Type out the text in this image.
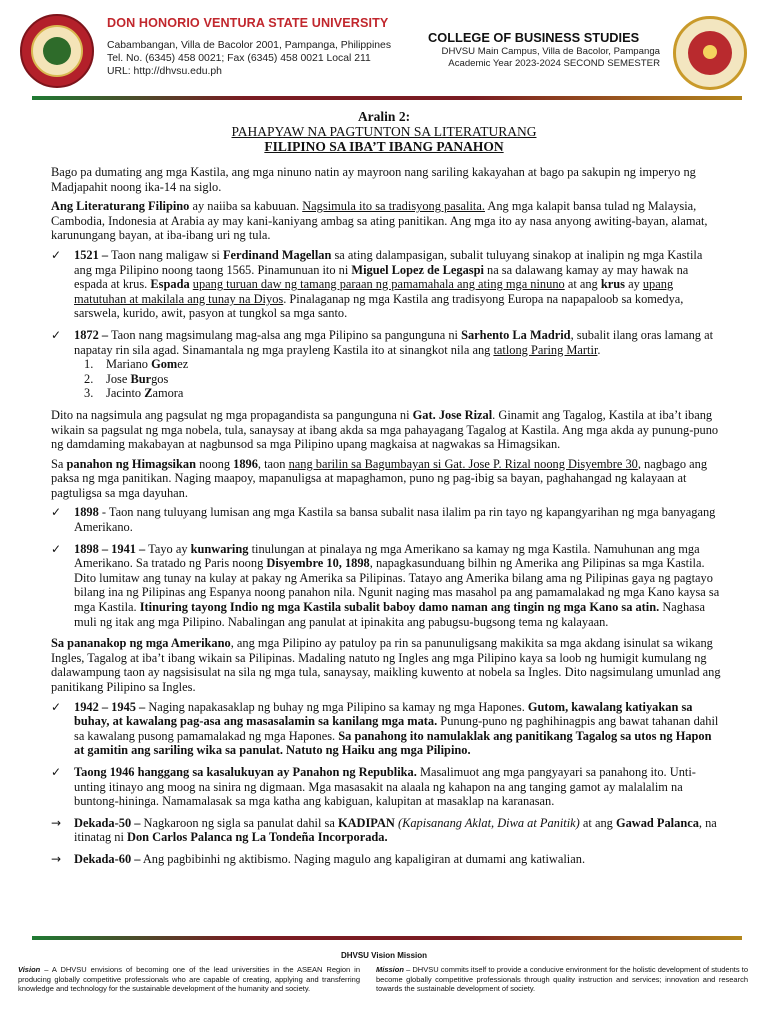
DON HONORIO VENTURA STATE UNIVERSITY
Cabambangan, Villa de Bacolor 2001, Pampanga, Philippines
Tel. No. (6345) 458 0021; Fax (6345) 458 0021 Local 211
URL: http://dhvsu.edu.ph
COLLEGE OF BUSINESS STUDIES
DHVSU Main Campus, Villa de Bacolor, Pampanga
Academic Year 2023-2024 SECOND SEMESTER
Aralin 2:
PAHAPYAW NA PAGTUNTON SA LITERATURANG
FILIPINO SA IBA’T IBANG PANAHON

Bago pa dumating ang mga Kastila, ang mga ninuno natin ay mayroon nang sariling kakayahan at bago pa sakupin ng imperyo ng Madjapahit noong ika-14 na siglo.

Ang Literaturang Filipino ay naiiba sa kabuuan. Nagsimula ito sa tradisyong pasalita. Ang mga kalapit bansa tulad ng Malaysia, Cambodia, Indonesia at Arabia ay may kani-kaniyang ambag sa ating panitikan. Ang mga ito ay nasa anyong awiting-bayan, alamat, karunungang bayan, at iba-ibang uri ng tula.

✓	1521 – Taon nang maligaw si Ferdinand Magellan sa ating dalampasigan, subalit tuluyang sinakop at inalipin ng mga Kastila ang mga Pilipino noong taong 1565. Pinamunuan ito ni Miguel Lopez de Legaspi na sa dalawang kamay ay may hawak na espada at krus. Espada upang turuan daw ng tamang paraan ng pamamahala ang ating mga ninuno at ang krus ay upang matutuhan at makilala ang tunay na Diyos. Pinalaganap ng mga Kastila ang tradisyong Europa na napapaloob sa komedya, sarswela, kurido, awit, pasyon at tungkol sa mga santo.
✓	1872 – Taon nang magsimulang mag-alsa ang mga Pilipino sa pangunguna ni Sarhento La Madrid, subalit ilang oras lamang at napatay rin sila agad. Sinamantala ng mga prayleng Kastila ito at sinangkot nila ang tatlong Paring Martir.
1. Mariano Gomez
2. Jose Burgos
3. Jacinto Zamora

Dito na nagsimula ang pagsulat ng mga propagandista sa pangunguna ni Gat. Jose Rizal. Ginamit ang Tagalog, Kastila at iba’t ibang wikain sa pagsulat ng mga nobela, tula, sanaysay at ibang akda sa mga pahayagang Tagalog at Kastila. Ang mga akda ay punung-puno ng damdaming makabayan at nagbunsod sa mga Pilipino upang magkaisa at nagwakas sa Himagsikan.

Sa panahon ng Himagsikan noong 1896, taon nang barilin sa Bagumbayan si Gat. Jose P. Rizal noong Disyembre 30, nagbago ang paksa ng mga panitikan. Naging maapoy, mapanuligsa at mapaghamon, puno ng pag-ibig sa bayan, paghahangad ng kalayaan at pagtuligsa sa mga dayuhan.

✓	1898 - Taon nang tuluyang lumisan ang mga Kastila sa bansa subalit nasa ilalim pa rin tayo ng kapangyarihan ng mga banyagang Amerikano.
✓	1898 – 1941 – Tayo ay kunwaring tinulungan at pinalaya ng mga Amerikano sa kamay ng mga Kastila. Namuhunan ang mga Amerikano. Sa tratado ng Paris noong Disyembre 10, 1898, napagkasunduang bilhin ng Amerika ang Pilipinas sa mga Kastila. Dito lumitaw ang tunay na kulay at pakay ng Amerika sa Pilipinas. Tatayo ang Amerika bilang ama ng Pilipinas gaya ng pagtayo bilang ina ng Pilipinas ang Espanya noong panahon nila. Ngunit naging mas masahol pa ang pamamalakad ng mga Kano kaysa sa mga Kastila. Itinuring tayong Indio ng mga Kastila subalit baboy damo naman ang tingin ng mga Kano sa atin. Naghasa muli ng itak ang mga Pilipino. Nabalingan ang panulat at ipinakita ang pabugsu-bugsong tema ng kalayaan.

Sa pananakop ng mga Amerikano, ang mga Pilipino ay patuloy pa rin sa panunuligsang makikita sa mga akdang isinulat sa wikang Ingles, Tagalog at iba’t ibang wikain sa Pilipinas. Madaling natuto ng Ingles ang mga Pilipino kaya sa loob ng humigit kumulang ng dalawampung taon ay nagsisisulat na sila ng mga tula, sanaysay, maikling kuwento at nobela sa Ingles. Dito nagsimulang umunlad ang panitikang Pilipino sa Ingles.

✓	1942 – 1945 – Naging napakasaklap ng buhay ng mga Pilipino sa kamay ng mga Hapones. Gutom, kawalang katiyakan sa buhay, at kawalang pag-asa ang masasalamin sa kanilang mga mata. Punung-puno ng paghihinagpis ang bawat tahanan dahil sa kawalang pusong pamamalakad ng mga Hapones. Sa panahong ito namulaklak ang panitikang Tagalog sa utos ng Hapon at gamitin ang sariling wika sa panulat. Natuto ng Haiku ang mga Pilipino.
✓	Taong 1946 hanggang sa kasalukuyan ay Panahon ng Republika. Masalimuot ang mga pangyayari sa panahong ito. Unti-unting itinayo ang moog na sinira ng digmaan. Mga masasakit na alaala ng kahapon na ang tanging gamot ay malalalim na buntong-hininga. Namamalasak sa mga katha ang kabiguan, kalupitan at masaklap na karanasan.
→	Dekada-50 – Nagkaroon ng sigla sa panulat dahil sa KADIPAN (Kapisanang Aklat, Diwa at Panitik) at ang Gawad Palanca, na itinatag ni Don Carlos Palanca ng La Tondeña Incorporada.
→	Dekada-60 – Ang pagbibinhi ng aktibismo. Naging magulo ang kapaligiran at dumami ang katiwalian.
DHVSU Vision Mission
Vision – A DHVSU envisions of becoming one of the lead universities in the ASEAN Region in producing globally competitive professionals who are capable of creating, applying and transferring knowledge and technology for the sustainable development of the humanity and society.
Mission – DHVSU commits itself to provide a conducive environment for the holistic development of students to become globally competitive professionals through quality instruction and services; innovation and research towards the sustainable development of society.
